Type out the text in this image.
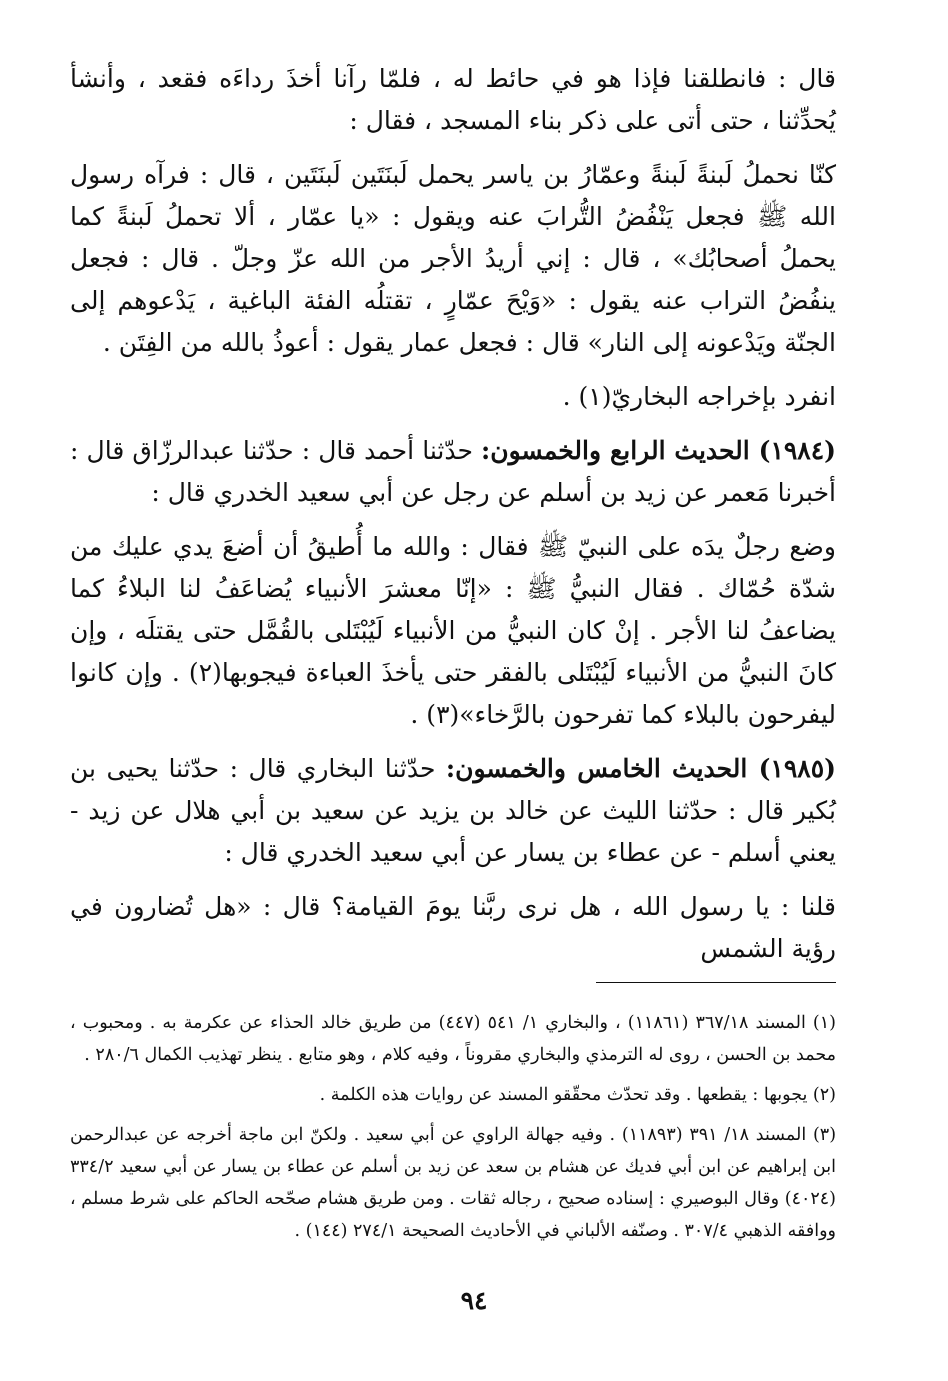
قال : فانطلقنا فإذا هو في حائط له ، فلمّا رآنا أخذَ رداءَه فقعد ، وأنشأ يُحدِّثنا ، حتى أتى على ذكر بناء المسجد ، فقال :

كنّا نحملُ لَبنةً لَبنةً وعمّارُ بن ياسر يحمل لَبنَتَين لَبنَتَين ، قال : فرآه رسول الله ﷺ فجعل يَنْفُضُ التُّرابَ عنه ويقول : «يا عمّار ، ألا تحملُ لَبنةً كما يحملُ أصحابُك» ، قال : إني أريدُ الأجر من الله عزّ وجلّ . قال : فجعل ينفُضُ التراب عنه يقول : «وَيْحَ عمّارٍ ، تقتلُه الفئة الباغية ، يَدْعوهم إلى الجنّة ويَدْعونه إلى النار» قال : فجعل عمار يقول : أعوذُ بالله من الفِتَن .

انفرد بإخراجه البخاريّ(١) .

(١٩٨٤) الحديث الرابع والخمسون: حدّثنا أحمد قال : حدّثنا عبدالرزّاق قال : أخبرنا مَعمر عن زيد بن أسلم عن رجل عن أبي سعيد الخدري قال :

وضع رجلٌ يدَه على النبيّ ﷺ فقال : والله ما أُطيقُ أن أضعَ يدي عليك من شدّة حُمّاك . فقال النبيُّ ﷺ : «إنّا معشرَ الأنبياء يُضاعَفُ لنا البلاءُ كما يضاعفُ لنا الأجر . إنْ كان النبيُّ من الأنبياء لَيُبْتَلى بالقُمَّل حتى يقتلَه ، وإن كانَ النبيُّ من الأنبياء لَيُبْتَلى بالفقر حتى يأخذَ العباءة فيجوبها(٢) . وإن كانوا ليفرحون بالبلاء كما تفرحون بالرَّخاء»(٣) .

(١٩٨٥) الحديث الخامس والخمسون: حدّثنا البخاري قال : حدّثنا يحيى بن بُكير قال : حدّثنا الليث عن خالد بن يزيد عن سعيد بن أبي هلال عن زيد - يعني أسلم - عن عطاء بن يسار عن أبي سعيد الخدري قال :

قلنا : يا رسول الله ، هل نرى ربَّنا يومَ القيامة؟ قال : «هل تُضارون في رؤية الشمس

(١) المسند ٣٦٧/١٨ (١١٨٦١) ، والبخاري ١/ ٥٤١ (٤٤٧) من طريق خالد الحذاء عن عكرمة به . ومحبوب ، محمد بن الحسن ، روى له الترمذي والبخاري مقروناً ، وفيه كلام ، وهو متابع . ينظر تهذيب الكمال ٢٨٠/٦ .

(٢) يجوبها : يقطعها . وقد تحدّث محقّقو المسند عن روايات هذه الكلمة .

(٣) المسند ١٨/ ٣٩١ (١١٨٩٣) . وفيه جهالة الراوي عن أبي سعيد . ولكنّ ابن ماجة أخرجه عن عبدالرحمن ابن إبراهيم عن ابن أبي فديك عن هشام بن سعد عن زيد بن أسلم عن عطاء بن يسار عن أبي سعيد ٣٣٤/٢ (٤٠٢٤) وقال البوصيري : إسناده صحيح ، رجاله ثقات . ومن طريق هشام صحّحه الحاكم على شرط مسلم ، ووافقه الذهبي ٣٠٧/٤ . وصنّفه الألباني في الأحاديث الصحيحة ٢٧٤/١ (١٤٤) .

٩٤
